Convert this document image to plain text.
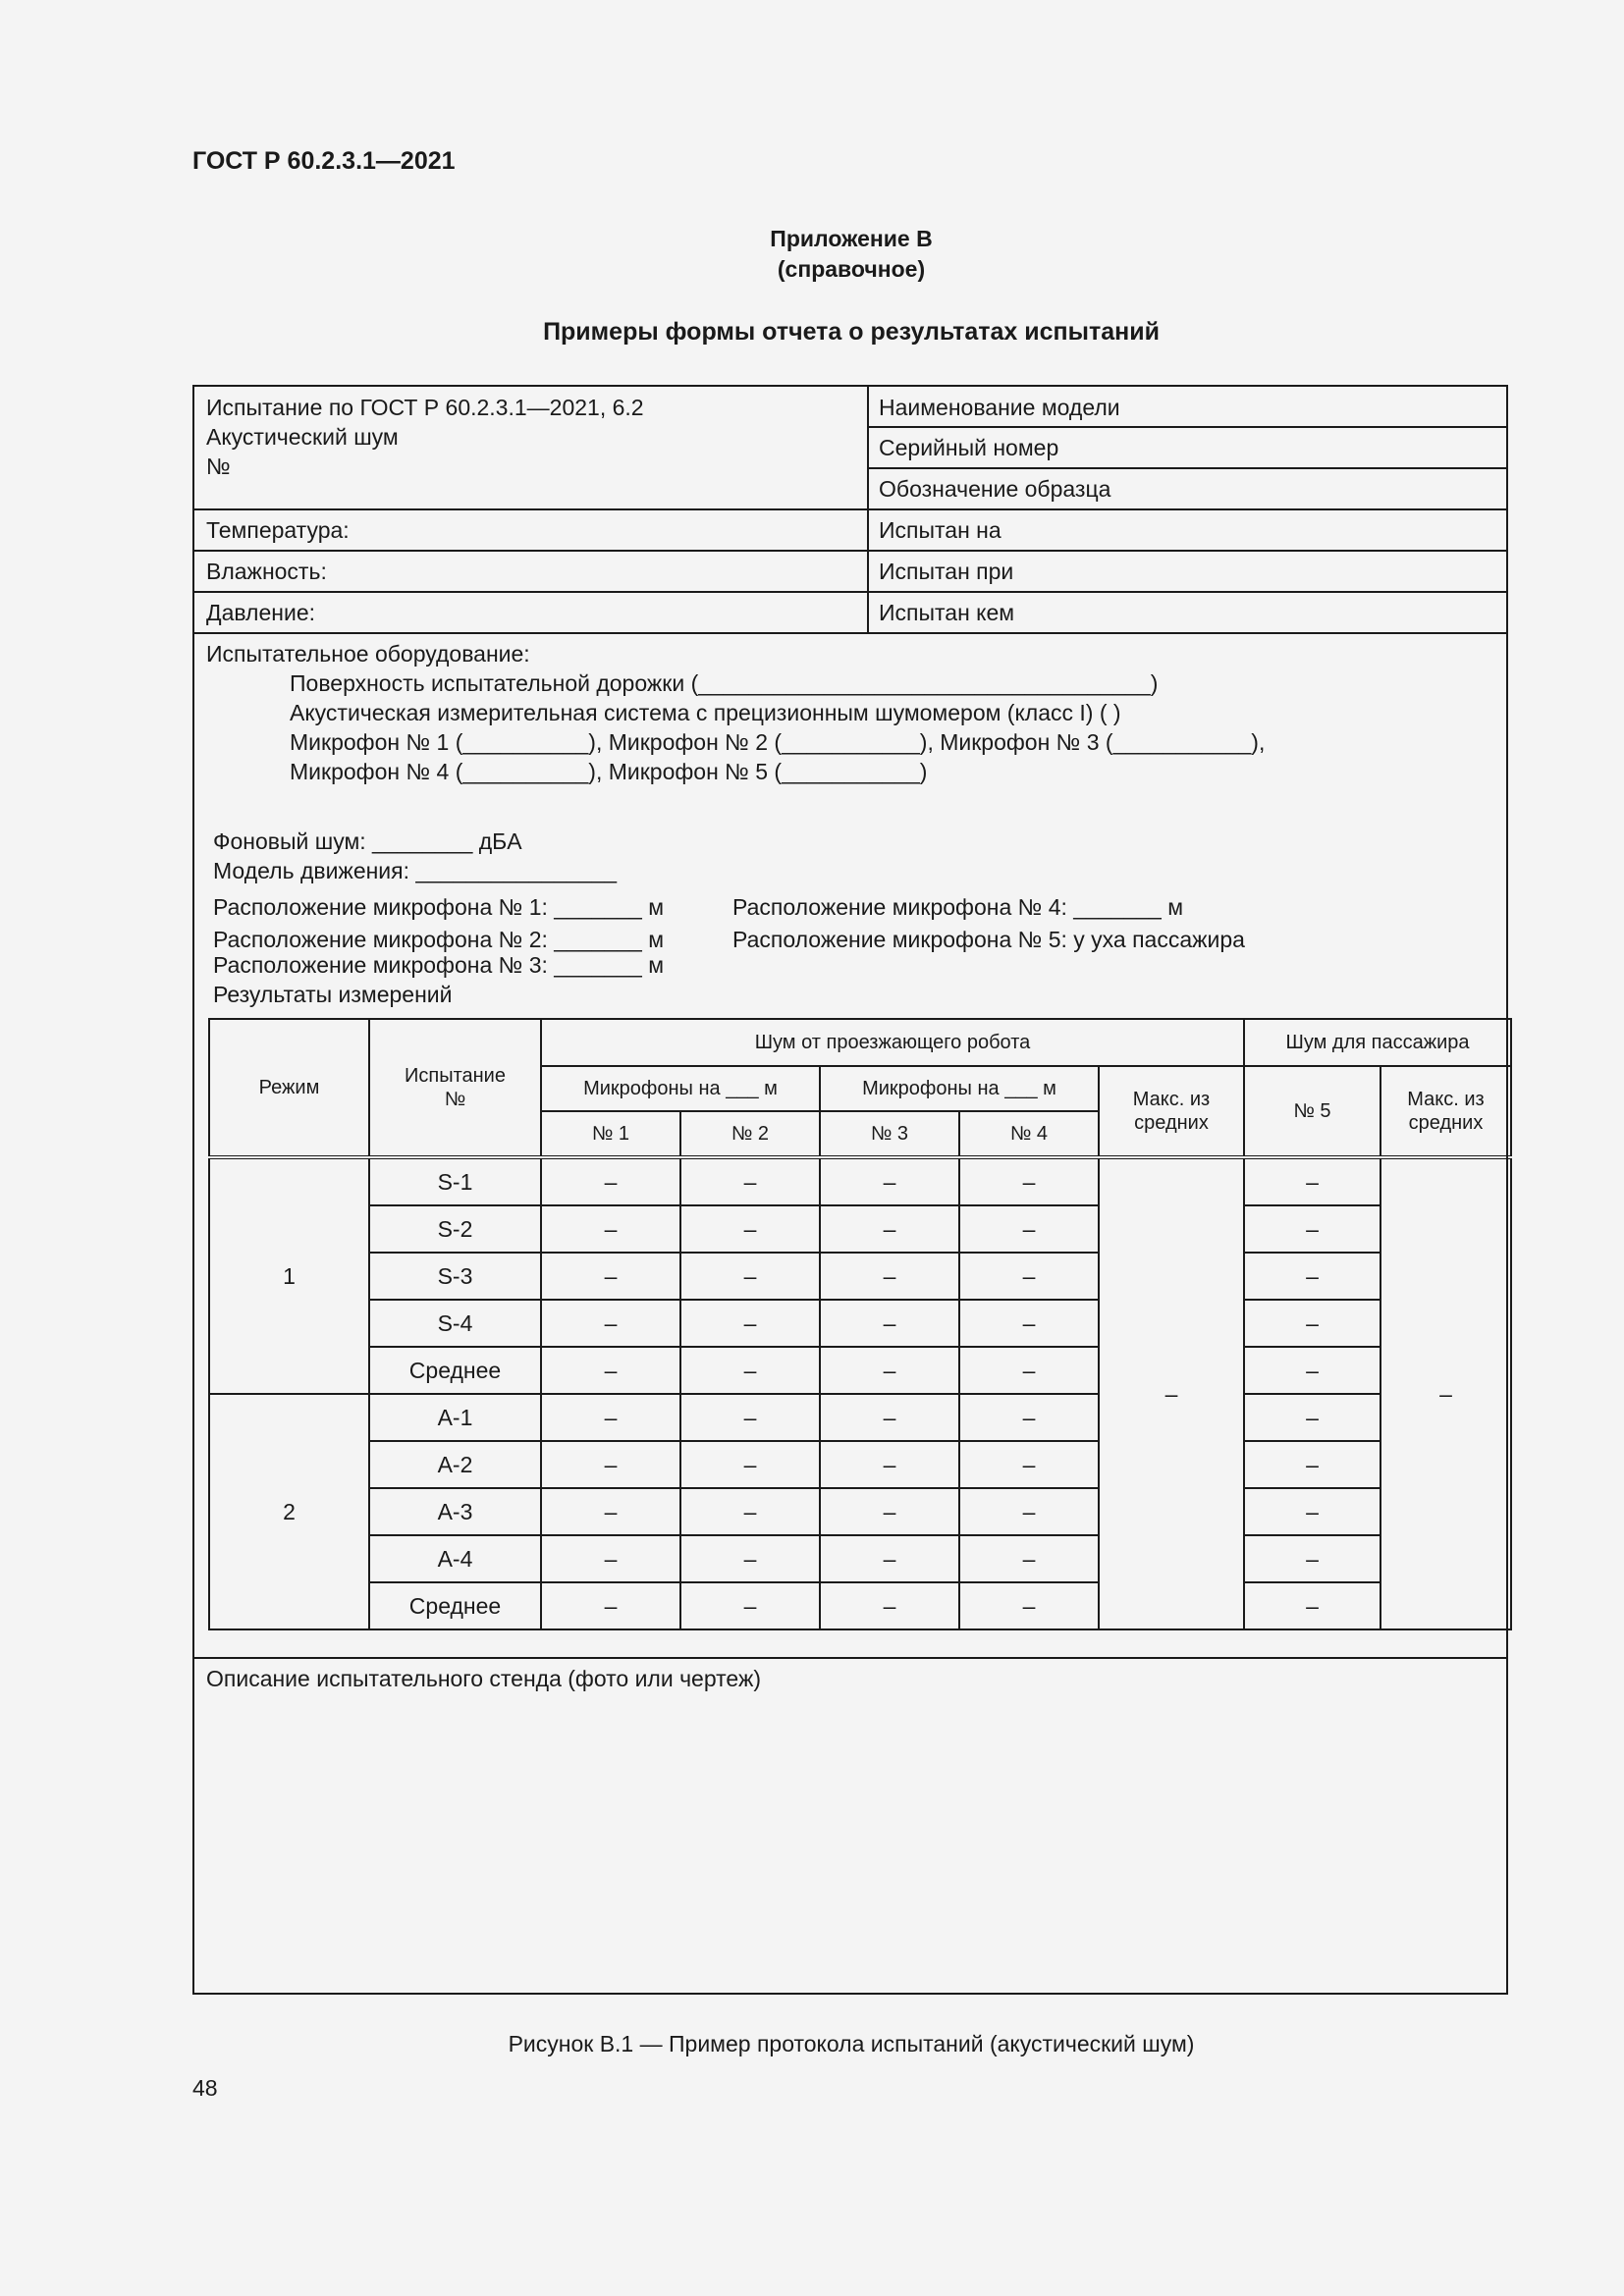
ГОСТ Р 60.2.3.1—2021
Приложение В
(справочное)
Примеры формы отчета о результатах испытаний
Испытание по ГОСТ Р 60.2.3.1—2021, 6.2
Акустический шум
№
Наименование модели
Серийный номер
Обозначение образца
Температура:	Испытан на
Влажность:	Испытан при
Давление:	Испытан кем
Испытательное оборудование:
Поверхность испытательной дорожки (____________________________________)
Акустическая измерительная система с прецизионным шумомером (класс I) ( )
Микрофон № 1 (__________), Микрофон № 2 (___________), Микрофон № 3 (___________),
Микрофон № 4 (__________), Микрофон № 5 (___________)
Фоновый шум: ________ дБA
Модель движения: ________________
Расположение микрофона № 1: _______ м	Расположение микрофона № 4: _______ м
Расположение микрофона № 2: _______ м	Расположение микрофона № 5: у уха пассажира
Расположение микрофона № 3: _______ м
Результаты измерений
Режим	Испытание №	Шум от проезжающего робота					Шум для пассажира	
		Микрофоны на ___ м		Микрофоны на ___ м		Макс. из средних	№ 5	Макс. из средних
		№ 1	№ 2	№ 3	№ 4			
1	S-1	–	–	–	–	–	–	–
	S-2	–	–	–	–		–	
	S-3	–	–	–	–		–	
	S-4	–	–	–	–		–	
	Среднее	–	–	–	–		–	
2	А-1	–	–	–	–		–	
	А-2	–	–	–	–		–	
	А-3	–	–	–	–		–	
	А-4	–	–	–	–		–	
	Среднее	–	–	–	–		–	
Описание испытательного стенда (фото или чертеж)
Рисунок В.1 — Пример протокола испытаний (акустический шум)
48
